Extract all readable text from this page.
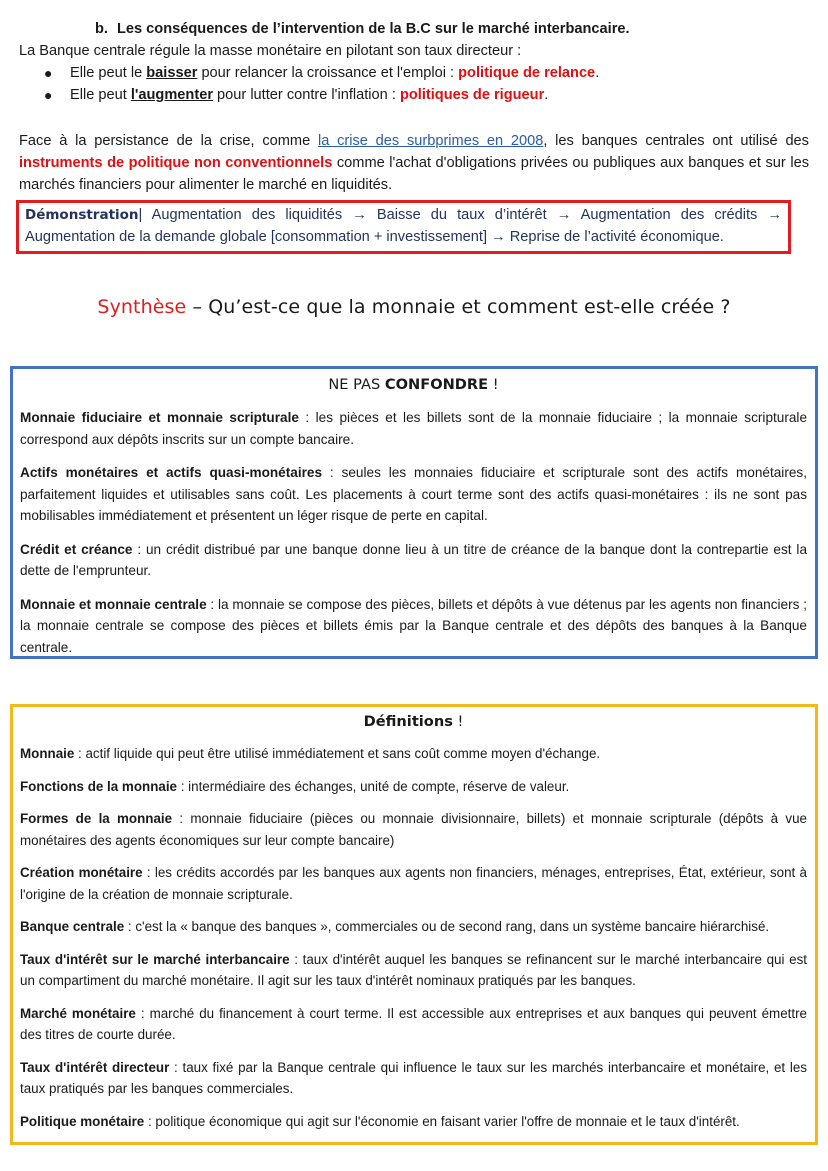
b. Les conséquences de l’intervention de la B.C sur le marché interbancaire.

La Banque centrale régule la masse monétaire en pilotant son taux directeur :

● Elle peut le baisser pour relancer la croissance et l'emploi : politique de relance.
● Elle peut l'augmenter pour lutter contre l'inflation : politiques de rigueur.

Face à la persistance de la crise, comme la crise des surbprimes en 2008, les banques centrales ont utilisé des instruments de politique non conventionnels comme l'achat d'obligations privées ou publiques aux banques et sur les marchés financiers pour alimenter le marché en liquidités.

Démonstration| Augmentation des liquidités → Baisse du taux d’intérêt → Augmentation des crédits → Augmentation de la demande globale [consommation + investissement] → Reprise de l’activité économique.
Synthèse – Qu’est-ce que la monnaie et comment est-elle créée ?
NE PAS CONFONDRE !
Monnaie fiduciaire et monnaie scripturale : les pièces et les billets sont de la monnaie fiduciaire ; la monnaie scripturale correspond aux dépôts inscrits sur un compte bancaire.
Actifs monétaires et actifs quasi-monétaires : seules les monnaies fiduciaire et scripturale sont des actifs monétaires, parfaitement liquides et utilisables sans coût. Les placements à court terme sont des actifs quasi-monétaires : ils ne sont pas mobilisables immédiatement et présentent un léger risque de perte en capital.
Crédit et créance : un crédit distribué par une banque donne lieu à un titre de créance de la banque dont la contrepartie est la dette de l'emprunteur.
Monnaie et monnaie centrale : la monnaie se compose des pièces, billets et dépôts à vue détenus par les agents non financiers ; la monnaie centrale se compose des pièces et billets émis par la Banque centrale et des dépôts des banques à la Banque centrale.
Définitions !
Monnaie : actif liquide qui peut être utilisé immédiatement et sans coût comme moyen d'échange.
Fonctions de la monnaie : intermédiaire des échanges, unité de compte, réserve de valeur.
Formes de la monnaie : monnaie fiduciaire (pièces ou monnaie divisionnaire, billets) et monnaie scripturale (dépôts à vue monétaires des agents économiques sur leur compte bancaire)
Création monétaire : les crédits accordés par les banques aux agents non financiers, ménages, entreprises, État, extérieur, sont à l'origine de la création de monnaie scripturale.
Banque centrale : c'est la « banque des banques », commerciales ou de second rang, dans un système bancaire hiérarchisé.
Taux d'intérêt sur le marché interbancaire : taux d'intérêt auquel les banques se refinancent sur le marché interbancaire qui est un compartiment du marché monétaire. Il agit sur les taux d'intérêt nominaux pratiqués par les banques.
Marché monétaire : marché du financement à court terme. Il est accessible aux entreprises et aux banques qui peuvent émettre des titres de courte durée.
Taux d'intérêt directeur : taux fixé par la Banque centrale qui influence le taux sur les marchés interbancaire et monétaire, et les taux pratiqués par les banques commerciales.
Politique monétaire : politique économique qui agit sur l'économie en faisant varier l'offre de monnaie et le taux d'intérêt.
